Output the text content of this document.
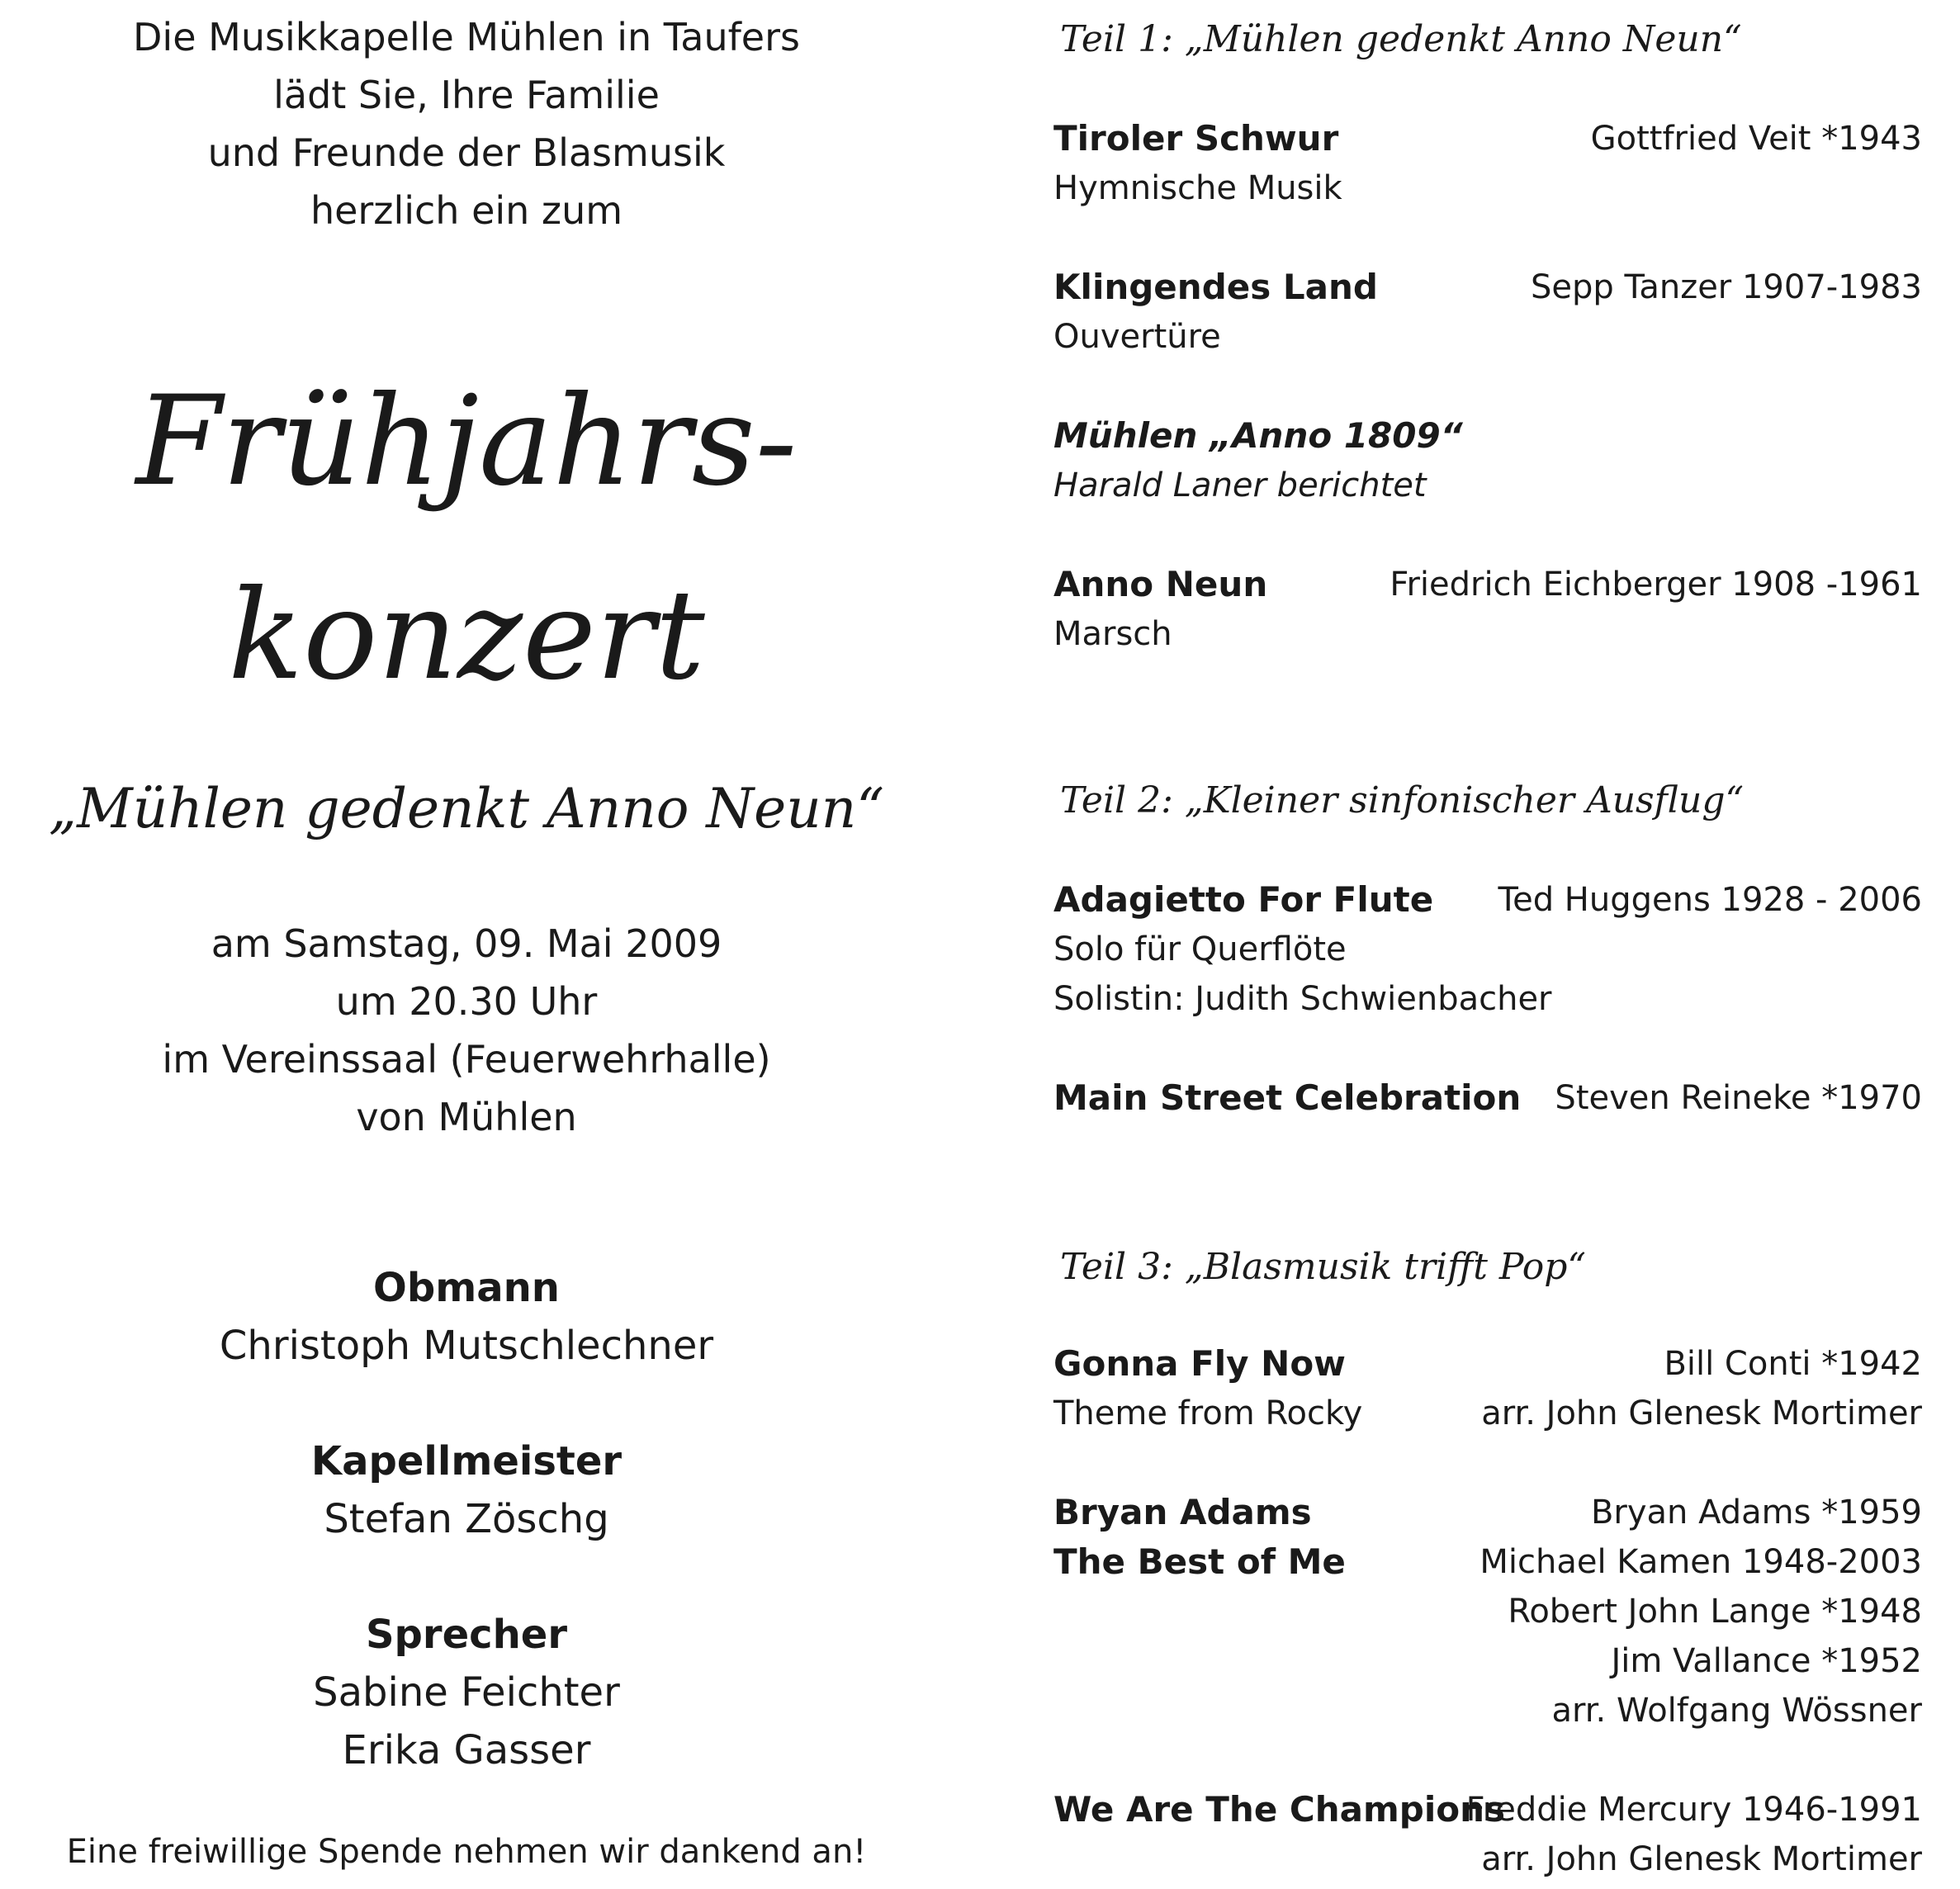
Die Musikkapelle Mühlen in Taufers
lädt Sie, Ihre Familie
und Freunde der Blasmusik
herzlich ein zum
Frühjahrs-
konzert
„Mühlen gedenkt Anno Neun“
am Samstag, 09. Mai 2009
um 20.30 Uhr
im Vereinssaal (Feuerwehrhalle)
von Mühlen
Obmann
Christoph Mutschlechner
Kapellmeister
Stefan Zöschg
Sprecher
Sabine Feichter
Erika Gasser
Eine freiwillige Spende nehmen wir dankend an!
Teil 1: „Mühlen gedenkt Anno Neun“
Tiroler Schwur	Gottfried Veit *1943
Hymnische Musik
Klingendes Land	Sepp Tanzer 1907-1983
Ouvertüre
Mühlen „Anno 1809“
Harald Laner berichtet
Anno Neun	Friedrich Eichberger 1908 -1961
Marsch
Teil 2: „Kleiner sinfonischer Ausflug“
Adagietto For Flute Ted Huggens 1928 - 2006
Solo für Querflöte
Solistin: Judith Schwienbacher
Main Street Celebration Steven Reineke *1970
Teil 3: „Blasmusik trifft Pop“
Gonna Fly Now	Bill Conti *1942
Theme from Rocky	arr. John Glenesk Mortimer
Bryan Adams	Bryan Adams *1959
The Best of Me	Michael Kamen 1948-2003
Robert John Lange *1948
Jim Vallance *1952
arr. Wolfgang Wössner
We Are The Champions
Freddie Mercury 1946-1991
arr. John Glenesk Mortimer
